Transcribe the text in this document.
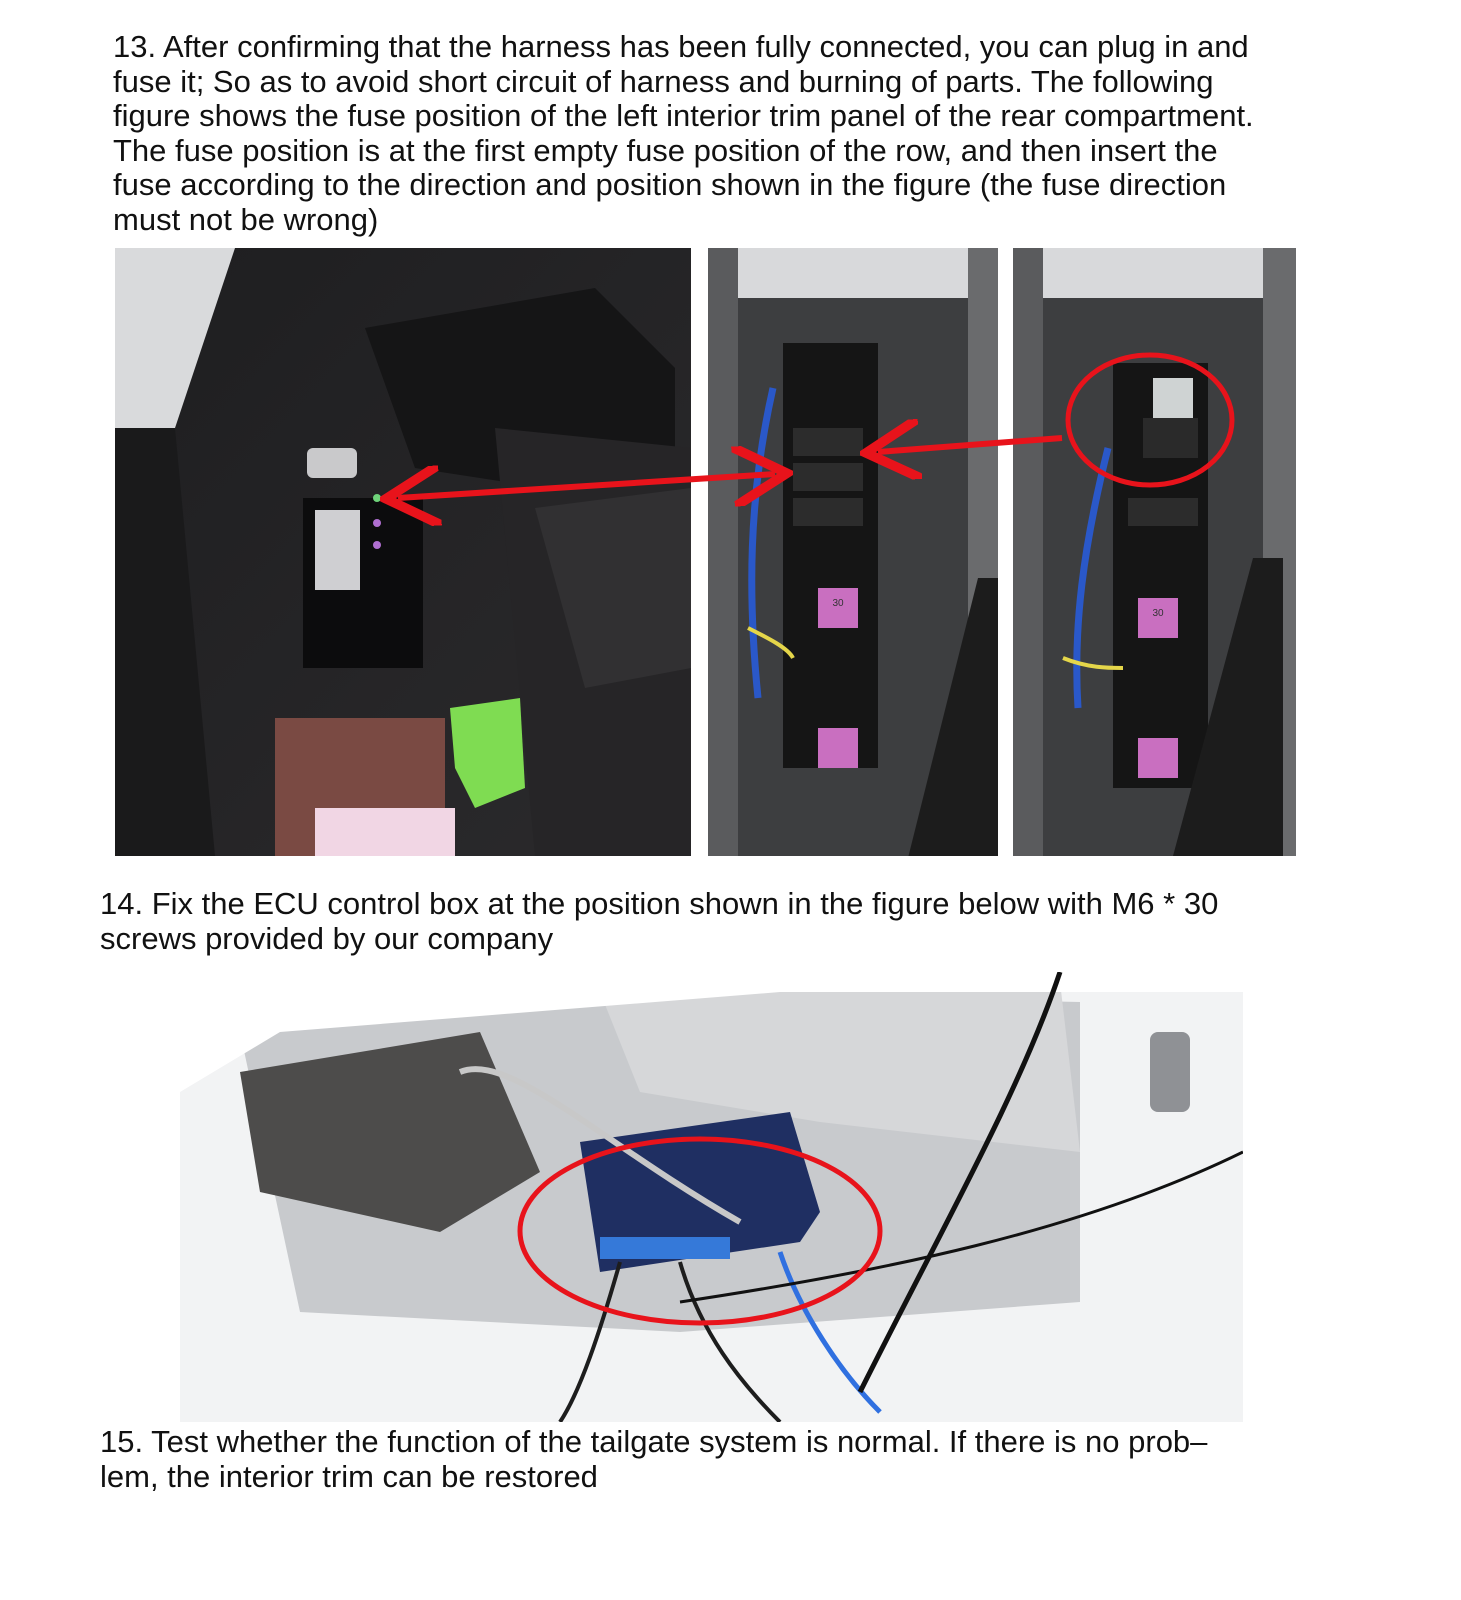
13. After confirming that the harness has been fully connected, you can plug in and
fuse it; So as to avoid short circuit of harness and burning of parts. The following
figure shows the fuse position of the left interior trim panel of the rear compartment.
The fuse position is at the first empty fuse position of the row, and then insert the
fuse according to the direction and position shown in the figure (the fuse direction
must not be wrong)

30
30

14. Fix the ECU control box at the position shown in the figure below with M6 * 30
screws provided by our company

15. Test whether the function of the tailgate system is normal. If there is no prob–
lem, the interior trim can be restored
